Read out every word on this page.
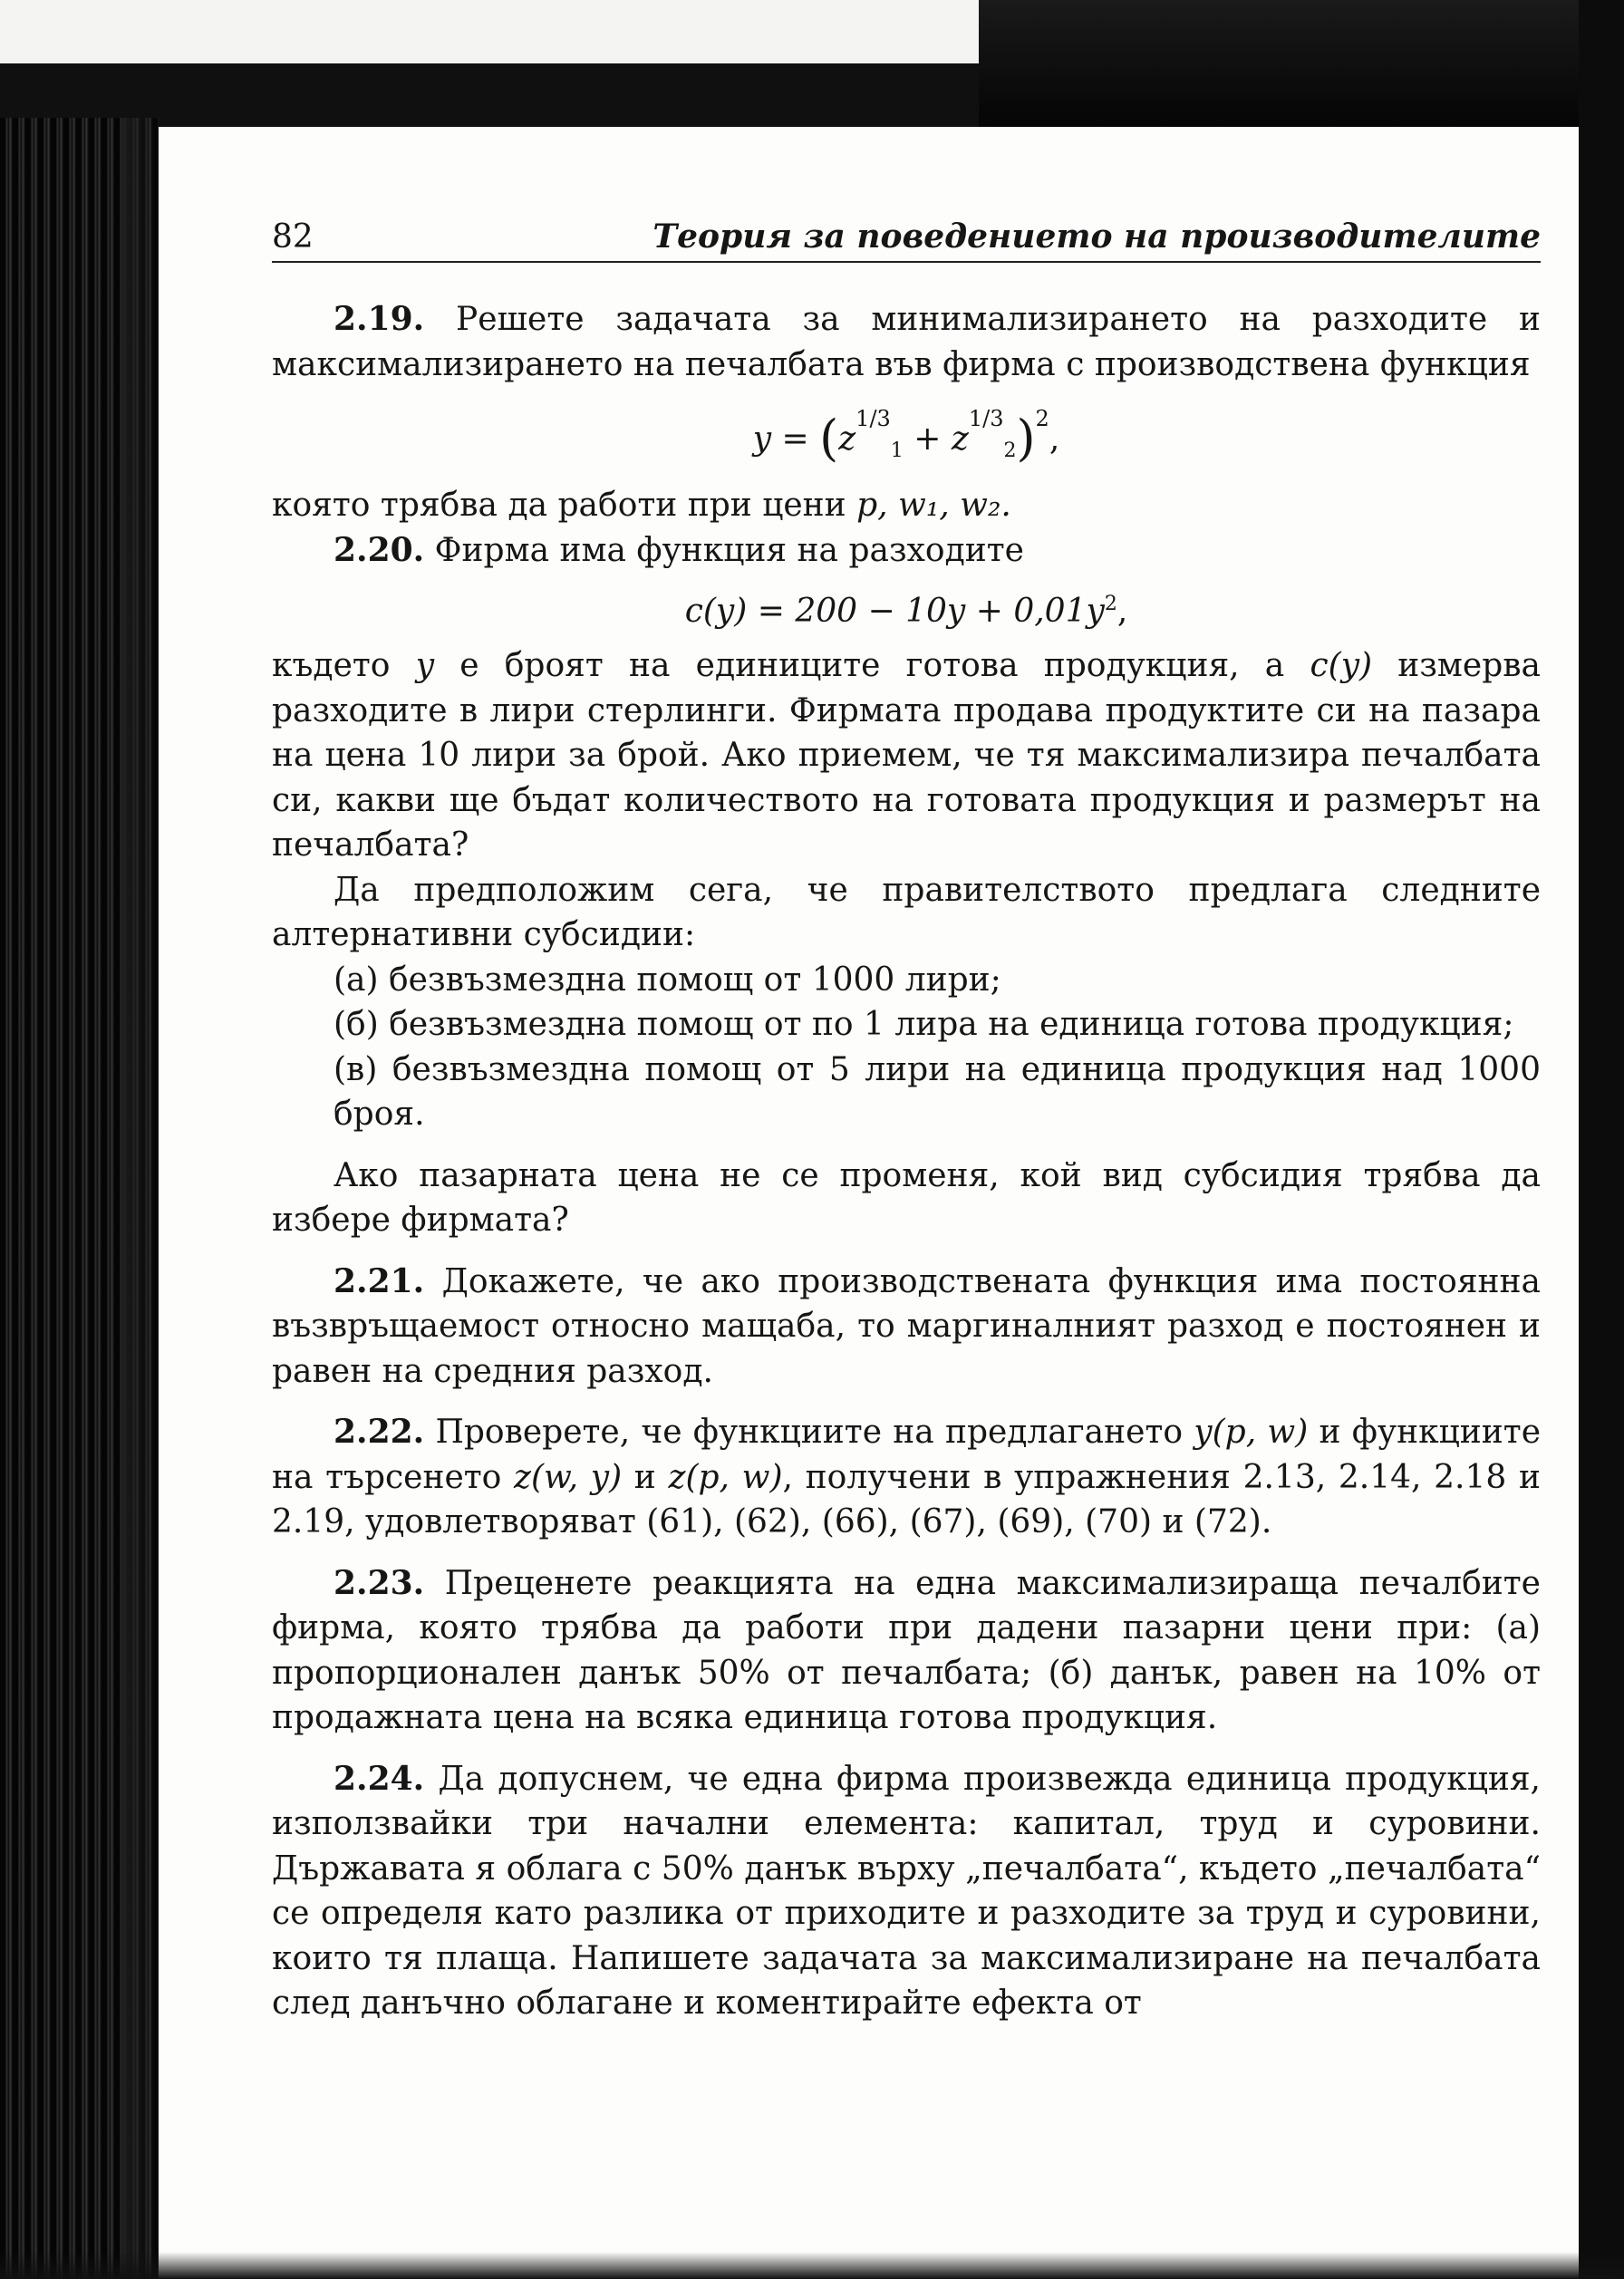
82	Теория за поведението на производителите

2.19. Решете задачата за минимализирането на разходите и максимализирането на печалбата във фирма с производствена функция

$y = (z^{1/3}_1 + z^{1/3}_2)^2$,

която трябва да работи при цени p, w₁, w₂.

2.20. Фирма има функция на разходите

$c(y) = 200 - 10y + 0,01y^2$,

където y е броят на единиците готова продукция, а c(y) измерва разходите в лири стерлинги. Фирмата продава продуктите си на пазара на цена 10 лири за брой. Ако приемем, че тя максимализира печалбата си, какви ще бъдат количеството на готовата продукция и размерът на печалбата?

Да предположим сега, че правителството предлага следните алтернативни субсидии:

(а) безвъзмездна помощ от 1000 лири;

(б) безвъзмездна помощ от по 1 лира на единица готова продукция;

(в) безвъзмездна помощ от 5 лири на единица продукция над 1000 броя.

Ако пазарната цена не се променя, кой вид субсидия трябва да избере фирмата?

2.21. Докажете, че ако производствената функция има постоянна възвръщаемост относно мащаба, то маргиналният разход е постоянен и равен на средния разход.

2.22. Проверете, че функциите на предлагането y(p, w) и функциите на търсенето z(w, y) и z(p, w), получени в упражнения 2.13, 2.14, 2.18 и 2.19, удовлетворяват (61), (62), (66), (67), (69), (70) и (72).

2.23. Преценете реакцията на една максимализираща печалбите фирма, която трябва да работи при дадени пазарни цени при: (а) пропорционален данък 50% от печалбата; (б) данък, равен на 10% от продажната цена на всяка единица готова продукция.

2.24. Да допуснем, че една фирма произвежда единица продукция, използвайки три начални елемента: капитал, труд и суровини. Държавата я облага с 50% данък върху „печалбата“, където „печалбата“ се определя като разлика от приходите и разходите за труд и суровини, които тя плаща. Напишете задачата за максимализиране на печалбата след данъчно облагане и коментирайте ефекта от
